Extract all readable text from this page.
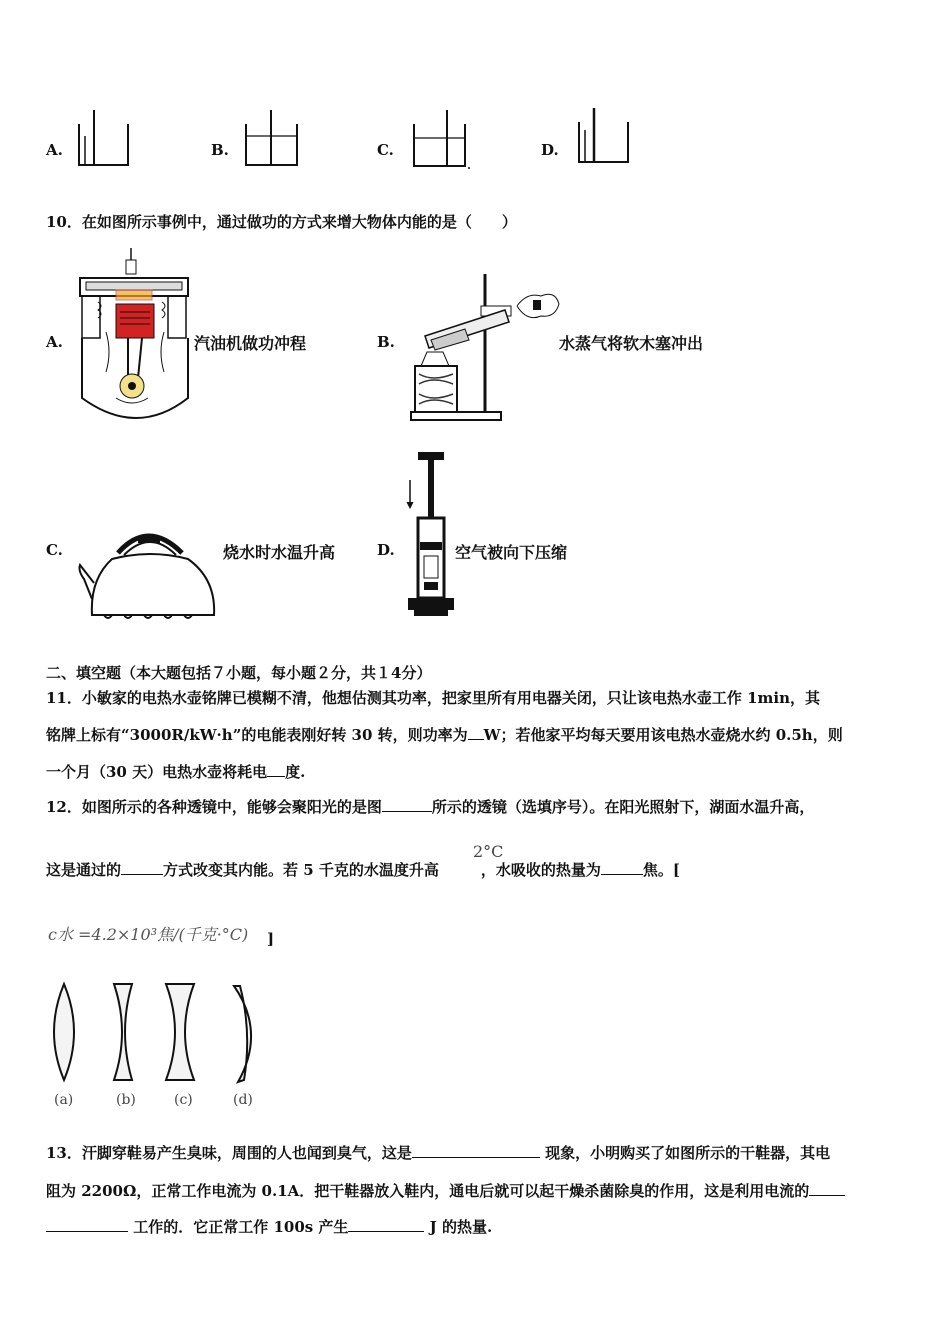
A.	B.	C.	D.
10．在如图所示事例中，通过做功的方式来增大物体内能的是（　　）
A.	汽油机做功冲程	B.	水蒸气将软木塞冲出
C.	烧水时水温升高	D.	空气被向下压缩
二、填空题（本大题包括７小题，每小题２分，共１4分）
11．小敏家的电热水壶铭牌已模糊不清，他想估测其功率，把家里所有用电器关闭，只让该电热水壶工作 1min，其
铭牌上标有“3000R/kW·h”的电能表刚好转 30 转，则功率为 W；若他家平均每天要用该电热水壶烧水约 0.5h，则
一个月（30 天）电热水壶将耗电 度.
12．如图所示的各种透镜中，能够会聚阳光的是图	所示的透镜（选填序号）。在阳光照射下，湖面水温升高，
这是通过的	方式改变其内能。若 5 千克的水温度升高	，水吸收的热量为	焦。[
2°C
c水 =4.2×10³焦/(千克·°C) ]
(a)	(b)	(c)	(d)
13．汗脚穿鞋易产生臭味，周围的人也闻到臭气，这是	现象，小明购买了如图所示的干鞋器，其电
阻为 2200Ω，正常工作电流为 0.1A．把干鞋器放入鞋内，通电后就可以起干燥杀菌除臭的作用，这是利用电流的
工作的．它正常工作 100s 产生	J 的热量.
